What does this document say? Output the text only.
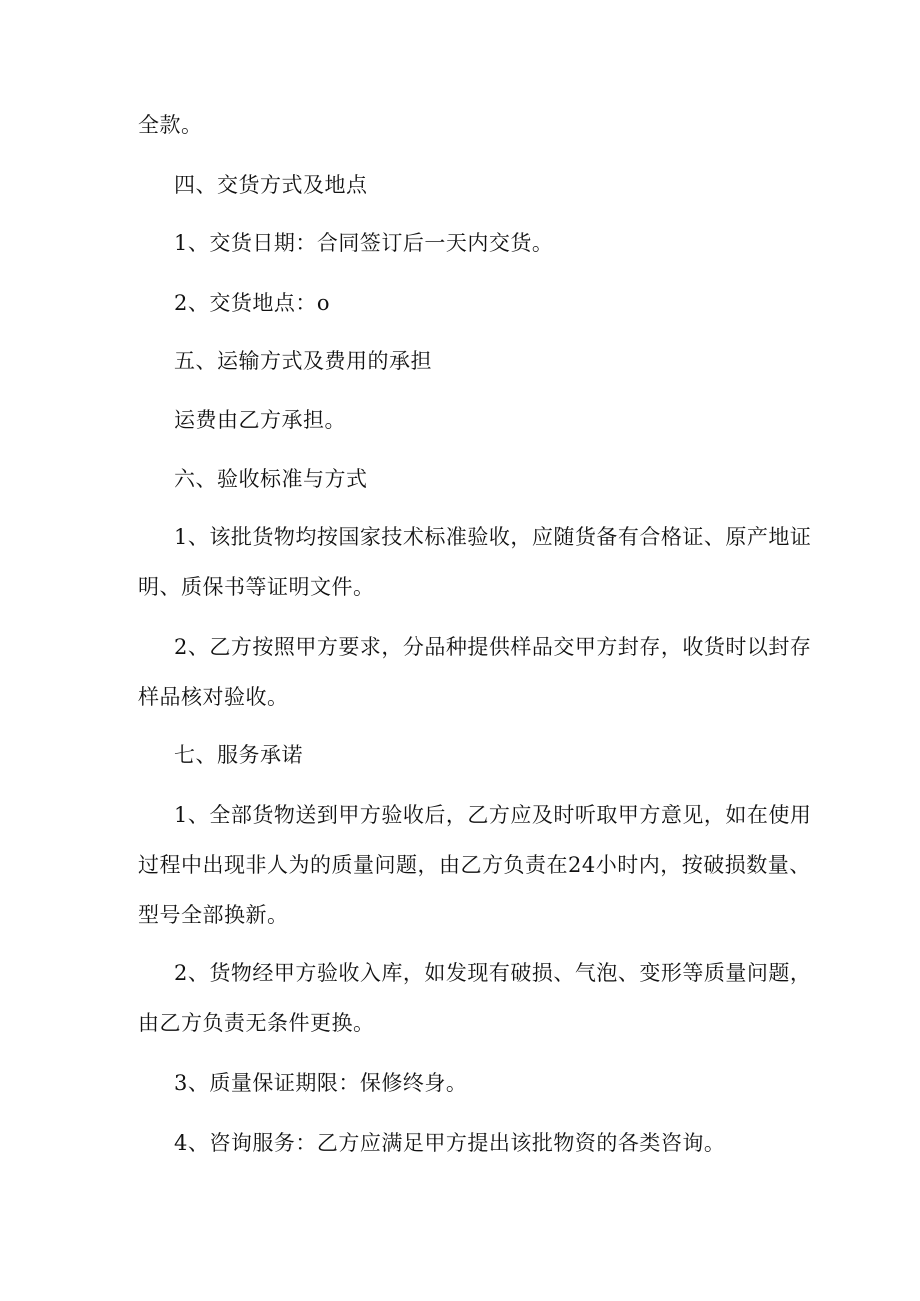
全款。
四、交货方式及地点
1、交货日期：合同签订后一天内交货。
2、交货地点：o
五、运输方式及费用的承担
运费由乙方承担。
六、验收标准与方式
1、该批货物均按国家技术标准验收，应随货备有合格证、原产地证
明、质保书等证明文件。
2、乙方按照甲方要求，分品种提供样品交甲方封存，收货时以封存
样品核对验收。
七、服务承诺
1、全部货物送到甲方验收后，乙方应及时听取甲方意见，如在使用
过程中出现非人为的质量问题，由乙方负责在24小时内，按破损数量、
型号全部换新。
2、货物经甲方验收入库，如发现有破损、气泡、变形等质量问题，
由乙方负责无条件更换。
3、质量保证期限：保修终身。
4、咨询服务：乙方应满足甲方提出该批物资的各类咨询。
